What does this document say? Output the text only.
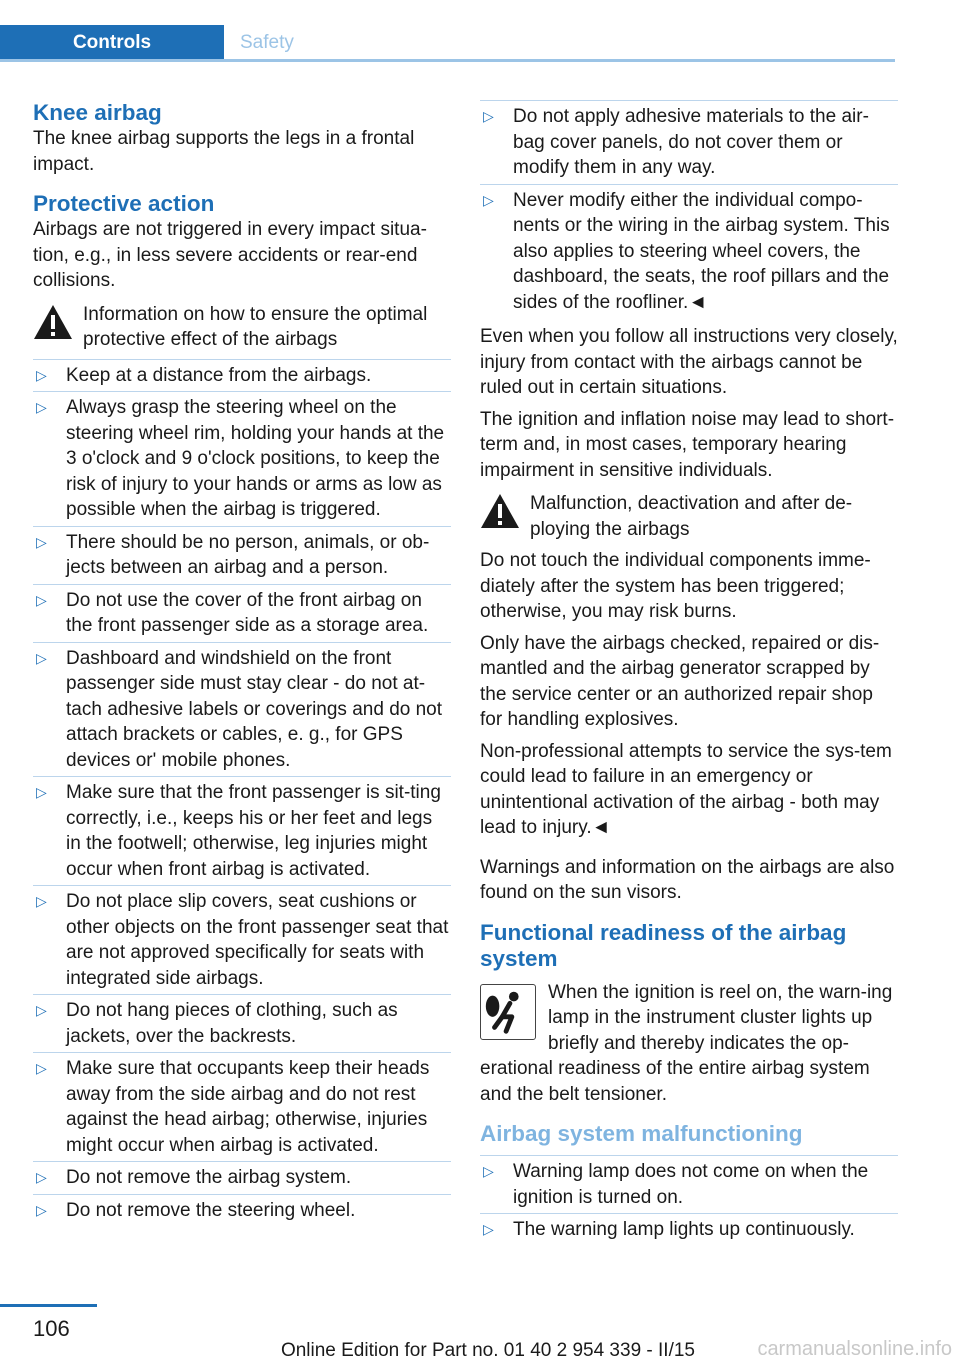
Controls	Safety
Knee airbag
The knee airbag supports the legs in a frontal impact.
Protective action
Airbags are not triggered in every impact situa-tion, e.g., in less severe accidents or rear-end collisions.
Information on how to ensure the optimal protective effect of the airbags
▷ Keep at a distance from the airbags.
▷ Always grasp the steering wheel on the steering wheel rim, holding your hands at the 3 o'clock and 9 o'clock positions, to keep the risk of injury to your hands or arms as low as possible when the airbag is triggered.
▷ There should be no person, animals, or ob-jects between an airbag and a person.
▷ Do not use the cover of the front airbag on the front passenger side as a storage area.
▷ Dashboard and windshield on the front passenger side must stay clear - do not at-tach adhesive labels or coverings and do not attach brackets or cables, e. g., for GPS devices or' mobile phones.
▷ Make sure that the front passenger is sit-ting correctly, i.e., keeps his or her feet and legs in the footwell; otherwise, leg injuries might occur when front airbag is activated.
▷ Do not place slip covers, seat cushions or other objects on the front passenger seat that are not approved specifically for seats with integrated side airbags.
▷ Do not hang pieces of clothing, such as jackets, over the backrests.
▷ Make sure that occupants keep their heads away from the side airbag and do not rest against the head airbag; otherwise, injuries might occur when airbag is activated.
▷ Do not remove the airbag system.
▷ Do not remove the steering wheel.
▷ Do not apply adhesive materials to the air-bag cover panels, do not cover them or modify them in any way.
▷ Never modify either the individual compo-nents or the wiring in the airbag system. This also applies to steering wheel covers, the dashboard, the seats, the roof pillars and the sides of the roofliner.◄
Even when you follow all instructions very closely, injury from contact with the airbags cannot be ruled out in certain situations.
The ignition and inflation noise may lead to short-term and, in most cases, temporary hearing impairment in sensitive individuals.
Malfunction, deactivation and after de-ploying the airbags
Do not touch the individual components imme-diately after the system has been triggered; otherwise, you may risk burns.
Only have the airbags checked, repaired or dis-mantled and the airbag generator scrapped by the service center or an authorized repair shop for handling explosives.
Non-professional attempts to service the sys-tem could lead to failure in an emergency or unintentional activation of the airbag - both may lead to injury.◄
Warnings and information on the airbags are also found on the sun visors.
Functional readiness of the airbag system
When the ignition is reel on, the warn-ing lamp in the instrument cluster lights up briefly and thereby indicates the op-erational readiness of the entire airbag system and the belt tensioner.
Airbag system malfunctioning
▷ Warning lamp does not come on when the ignition is turned on.
▷ The warning lamp lights up continuously.
106
Online Edition for Part no. 01 40 2 954 339 - II/15	carmanualsonline.info
